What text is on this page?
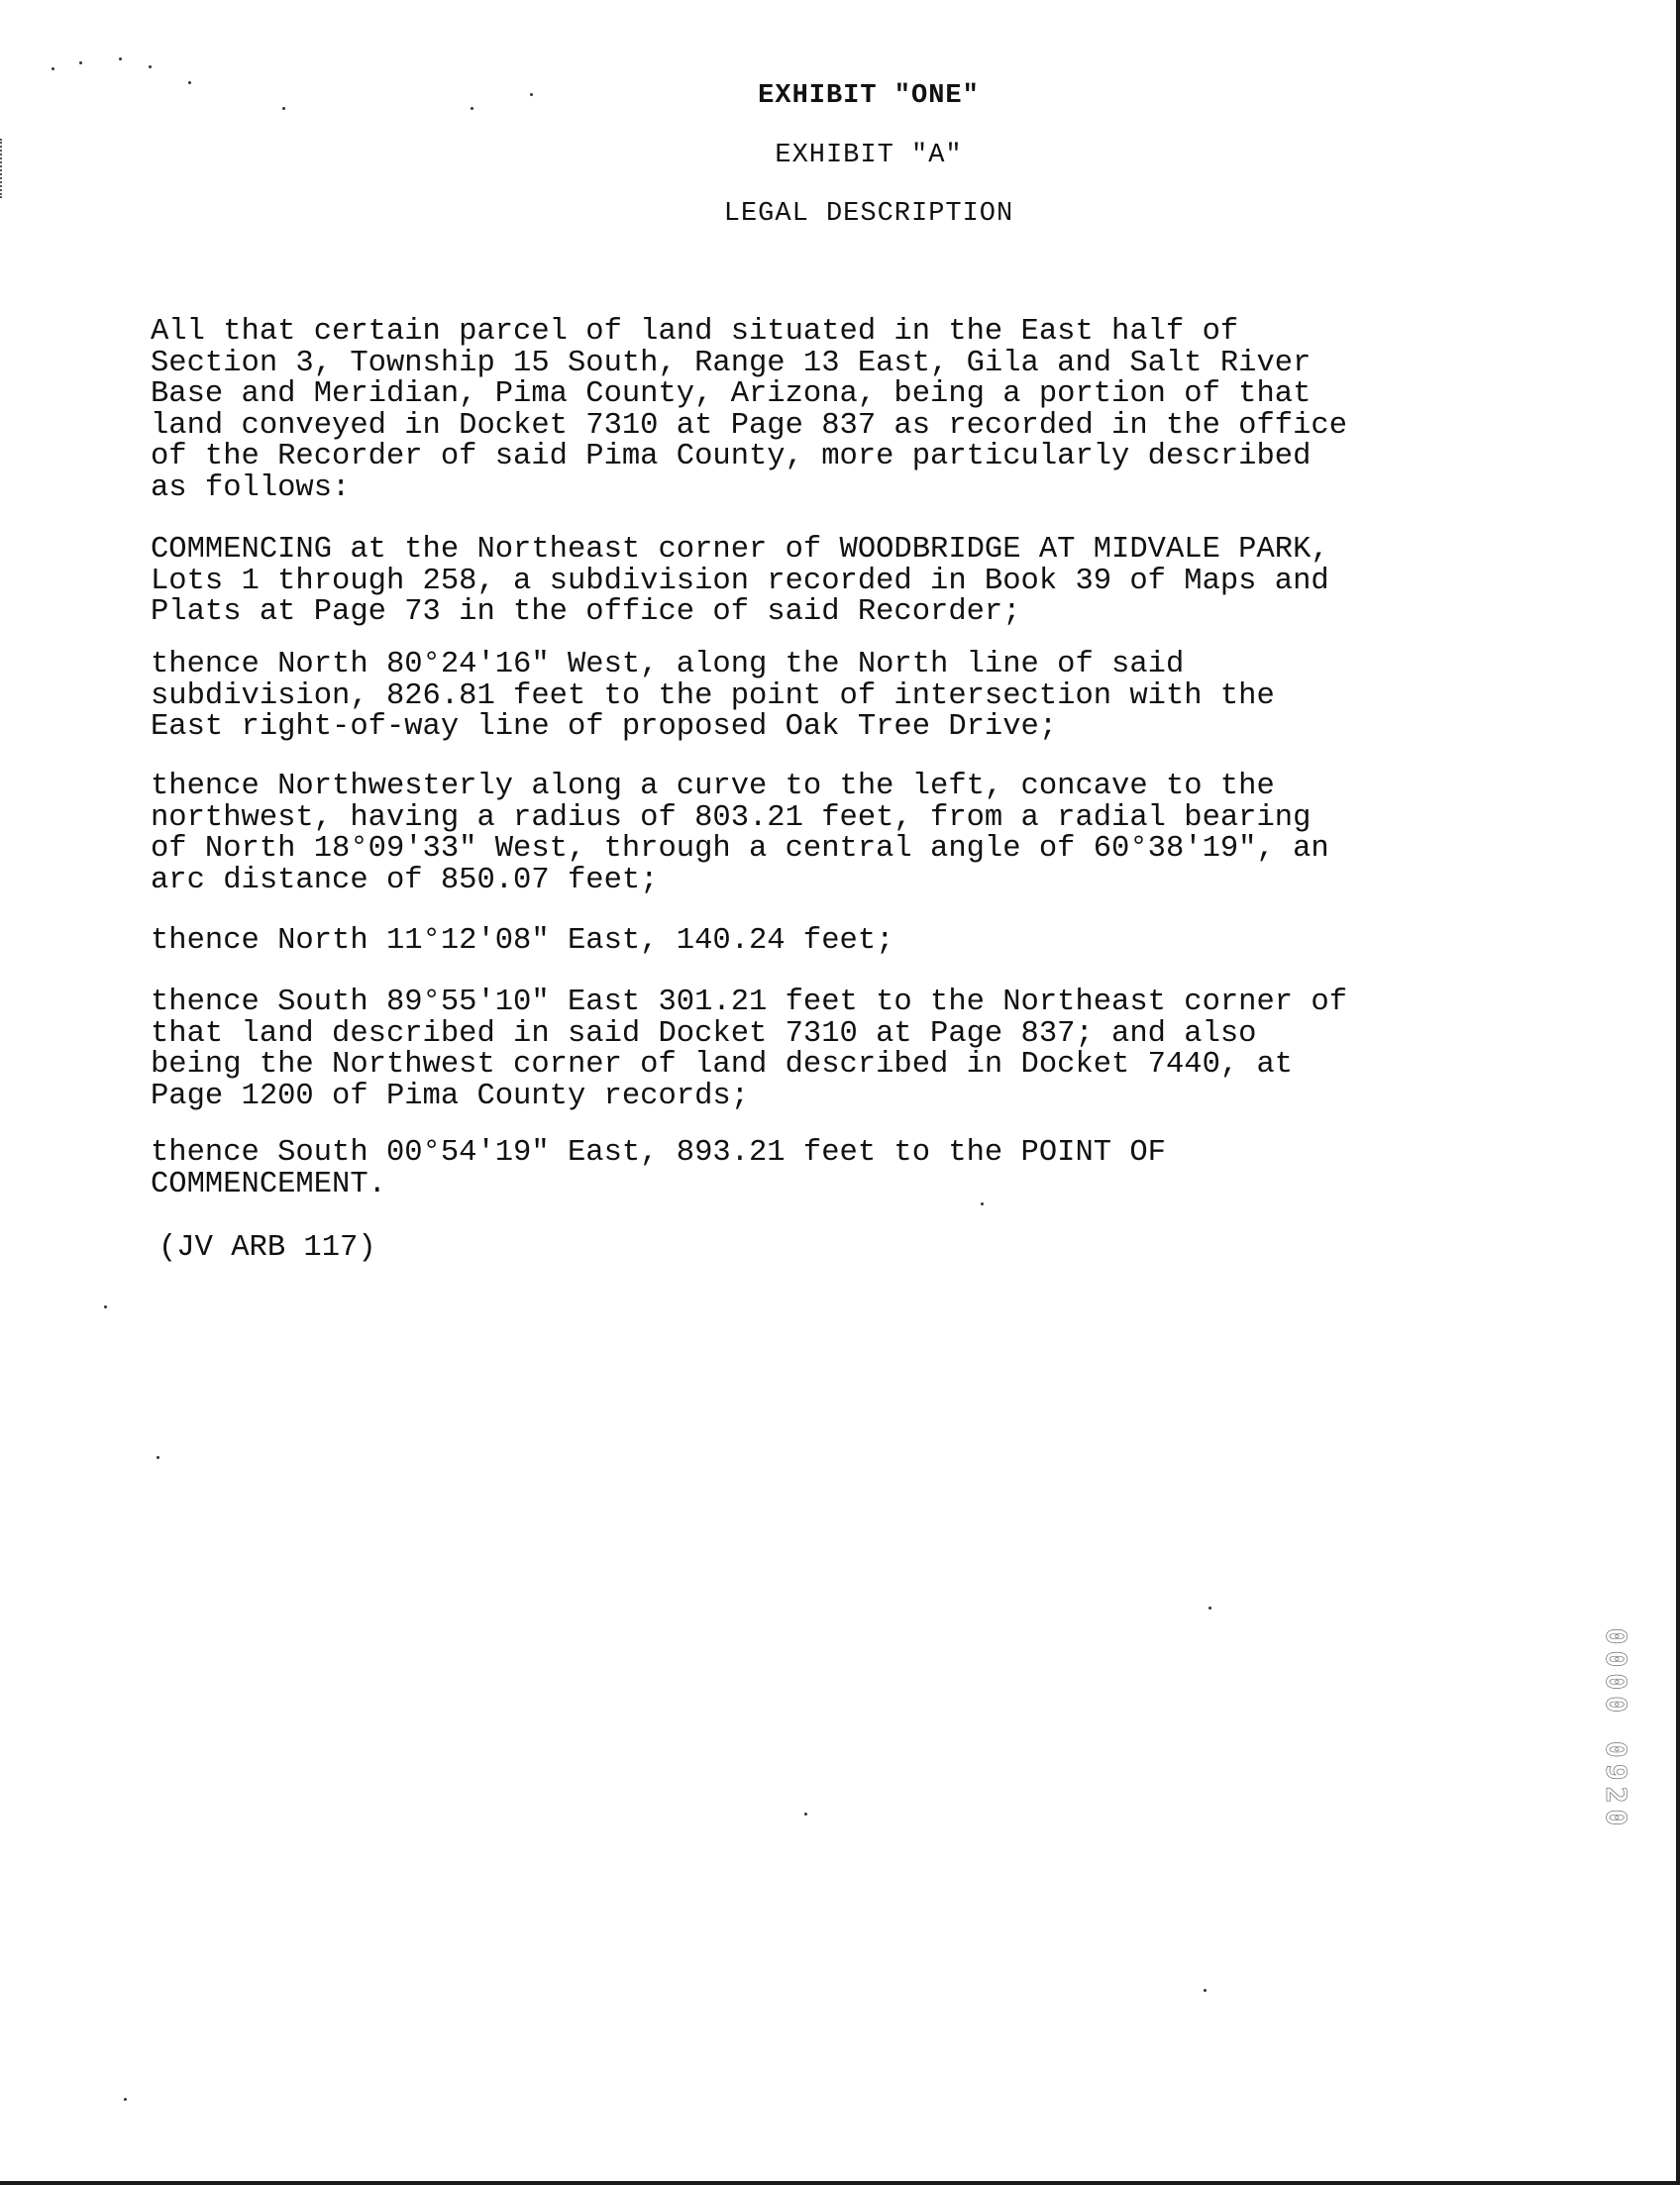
EXHIBIT "ONE"
EXHIBIT "A"
LEGAL DESCRIPTION
All that certain parcel of land situated in the East half of
Section 3, Township 15 South, Range 13 East, Gila and Salt River
Base and Meridian, Pima County, Arizona, being a portion of that
land conveyed in Docket 7310 at Page 837 as recorded in the office
of the Recorder of said Pima County, more particularly described
as follows:
COMMENCING at the Northeast corner of WOODBRIDGE AT MIDVALE PARK,
Lots 1 through 258, a subdivision recorded in Book 39 of Maps and
Plats at Page 73 in the office of said Recorder;
thence North 80°24'16" West, along the North line of said
subdivision, 826.81 feet to the point of intersection with the
East right-of-way line of proposed Oak Tree Drive;
thence Northwesterly along a curve to the left, concave to the
northwest, having a radius of 803.21 feet, from a radial bearing
of North 18°09'33" West, through a central angle of 60°38'19", an
arc distance of 850.07 feet;
thence North 11°12'08" East, 140.24 feet;
thence South 89°55'10" East 301.21 feet to the Northeast corner of
that land described in said Docket 7310 at Page 837; and also
being the Northwest corner of land described in Docket 7440, at
Page 1200 of Pima County records;
thence South 00°54'19" East, 893.21 feet to the POINT OF
COMMENCEMENT.
(JV ARB 117)
0000 0920
